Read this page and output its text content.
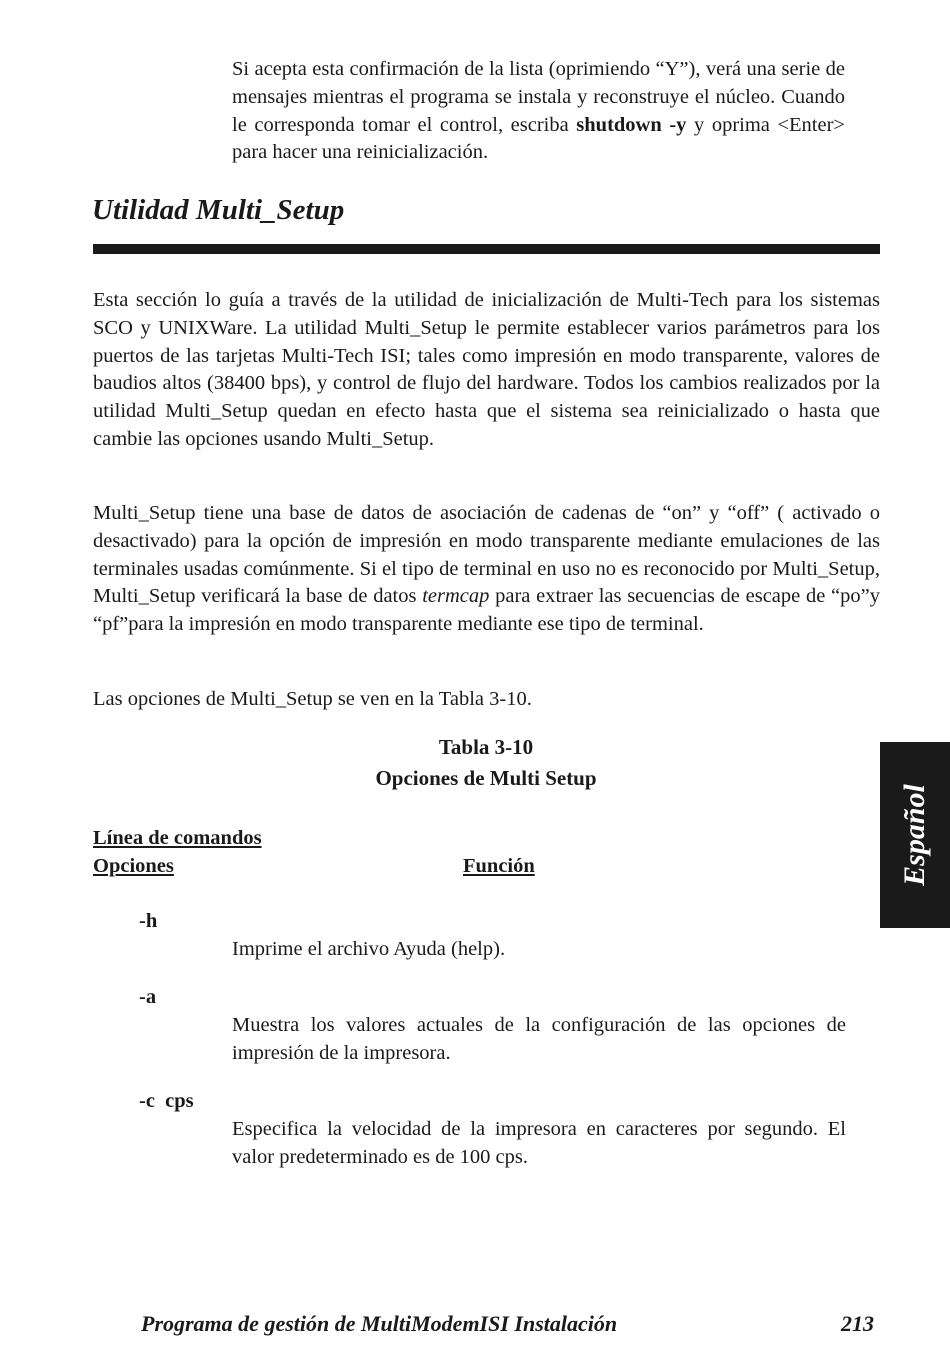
Si acepta esta confirmación de la lista (oprimiendo “Y”), verá una serie de mensajes mientras el programa se instala y reconstruye el núcleo. Cuando le corresponda tomar el control, escriba shutdown -y y oprima <Enter> para hacer una reinicialización.

Utilidad Multi_Setup

Esta sección lo guía a través de la utilidad de inicialización de Multi-Tech para los sistemas SCO y UNIXWare. La utilidad Multi_Setup le permite establecer varios parámetros para los puertos de las tarjetas Multi-Tech ISI; tales como impresión en modo transparente, valores de baudios altos (38400 bps), y control de flujo del hardware. Todos los cambios realizados por la utilidad Multi_Setup quedan en efecto hasta que el sistema sea reinicializado o hasta que cambie las opciones usando Multi_Setup.

Multi_Setup tiene una base de datos de asociación de cadenas de “on” y “off” ( activado o desactivado) para la opción de impresión en modo transparente mediante emulaciones de las terminales usadas comúnmente. Si el tipo de terminal en uso no es reconocido por Multi_Setup, Multi_Setup verificará la base de datos termcap para extraer las secuencias de escape de “po”y “pf”para la impresión en modo transparente mediante ese tipo de terminal.

Las opciones de Multi_Setup se ven en la Tabla 3-10.

Tabla 3-10
Opciones de Multi Setup

Línea de comandos

Opciones	Función

-h

Imprime el archivo Ayuda (help).

-a

Muestra los valores actuales de la configuración de las opciones de impresión de la impresora.

-c  cps

Especifica la velocidad de la impresora en caracteres por segundo. El valor predeterminado es de 100 cps.

Español

Programa de gestión de MultiModemISI Instalación	213
